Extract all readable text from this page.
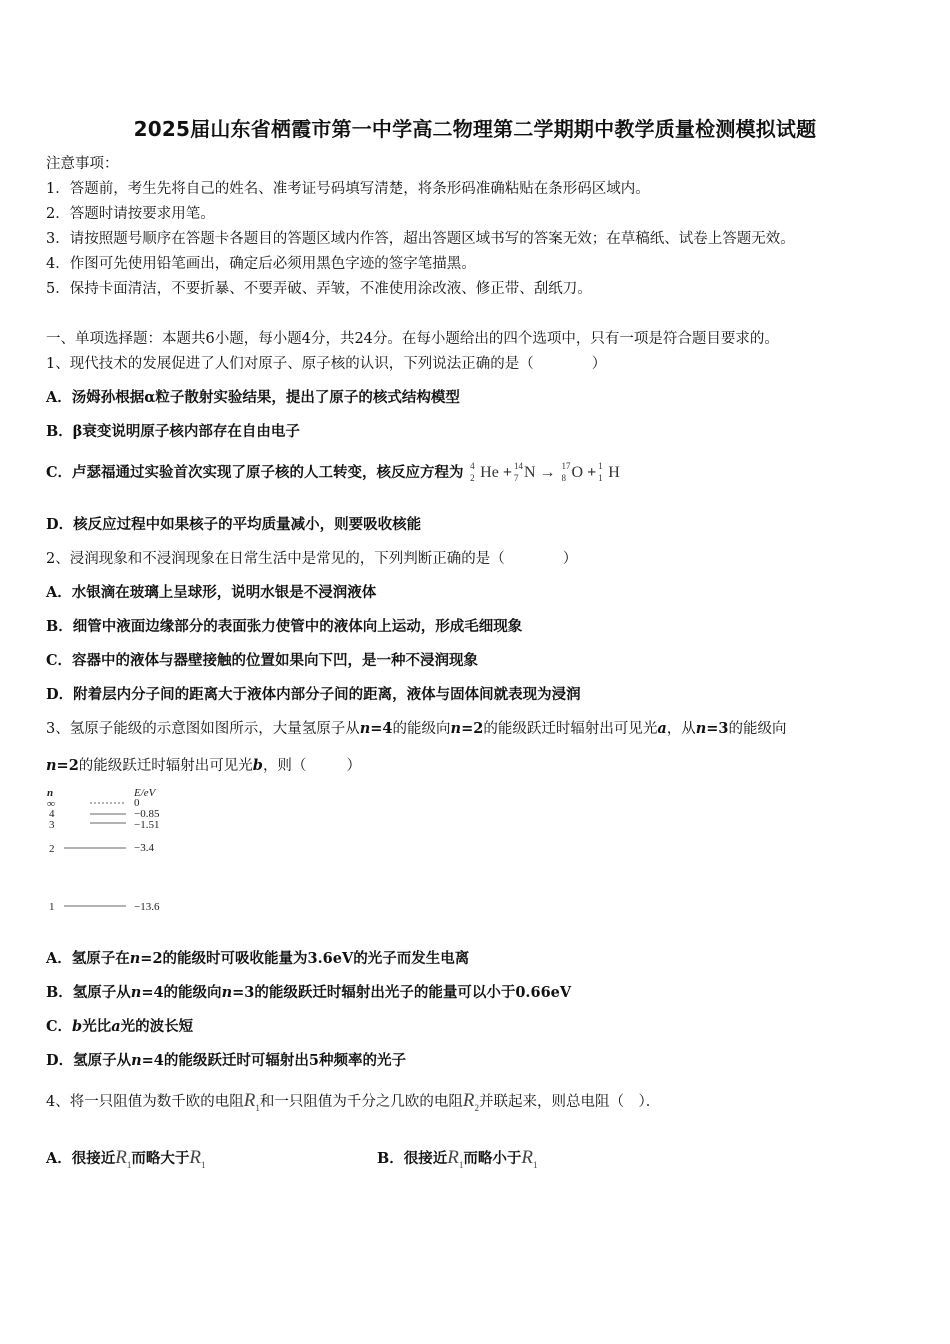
2025届山东省栖霞市第一中学高二物理第二学期期中教学质量检测模拟试题
注意事项：
1．答题前，考生先将自己的姓名、准考证号码填写清楚，将条形码准确粘贴在条形码区域内。
2．答题时请按要求用笔。
3．请按照题号顺序在答题卡各题目的答题区域内作答，超出答题区域书写的答案无效；在草稿纸、试卷上答题无效。
4．作图可先使用铅笔画出，确定后必须用黑色字迹的签字笔描黑。
5．保持卡面清洁，不要折暴、不要弄破、弄皱，不准使用涂改液、修正带、刮纸刀。
一、单项选择题：本题共6小题，每小题4分，共24分。在每小题给出的四个选项中，只有一项是符合题目要求的。
1、现代技术的发展促进了人们对原子、原子核的认识，下列说法正确的是（	）
A．汤姆孙根据α粒子散射实验结果，提出了原子的核式结构模型
B．β衰变说明原子核内部存在自由电子
C．卢瑟福通过实验首次实现了原子核的人工转变，核反应方程为 4
2 He + 14
7 N → 17
8 O + 1
1 H
D．核反应过程中如果核子的平均质量减小，则要吸收核能
2、浸润现象和不浸润现象在日常生活中是常见的，下列判断正确的是（	）
A．水银滴在玻璃上呈球形，说明水银是不浸润液体
B．细管中液面边缘部分的表面张力使管中的液体向上运动，形成毛细现象
C．容器中的液体与器壁接触的位置如果向下凹，是一种不浸润现象
D．附着层内分子间的距离大于液体内部分子间的距离，液体与固体间就表现为浸润
3、氢原子能级的示意图如图所示，大量氢原子从n=4的能级向n=2的能级跃迁时辐射出可见光a，从n=3的能级向
n=2的能级跃迁时辐射出可见光b，则（	）
n	E/eV
∞	0
4	−0.85
3	−1.51
2	−3.4
1	−13.6
A．氢原子在n=2的能级时可吸收能量为3.6eV的光子而发生电离
B．氢原子从n=4的能级向n=3的能级跃迁时辐射出光子的能量可以小于0.66eV
C．b光比a光的波长短
D．氢原子从n=4的能级跃迁时可辐射出5种频率的光子
4、将一只阻值为数千欧的电阻$R_1$和一只阻值为千分之几欧的电阻$R_2$并联起来，则总电阻（　）．
A．很接近$R_1$而略大于$R_1$	B．很接近$R_1$而略小于$R_1$
